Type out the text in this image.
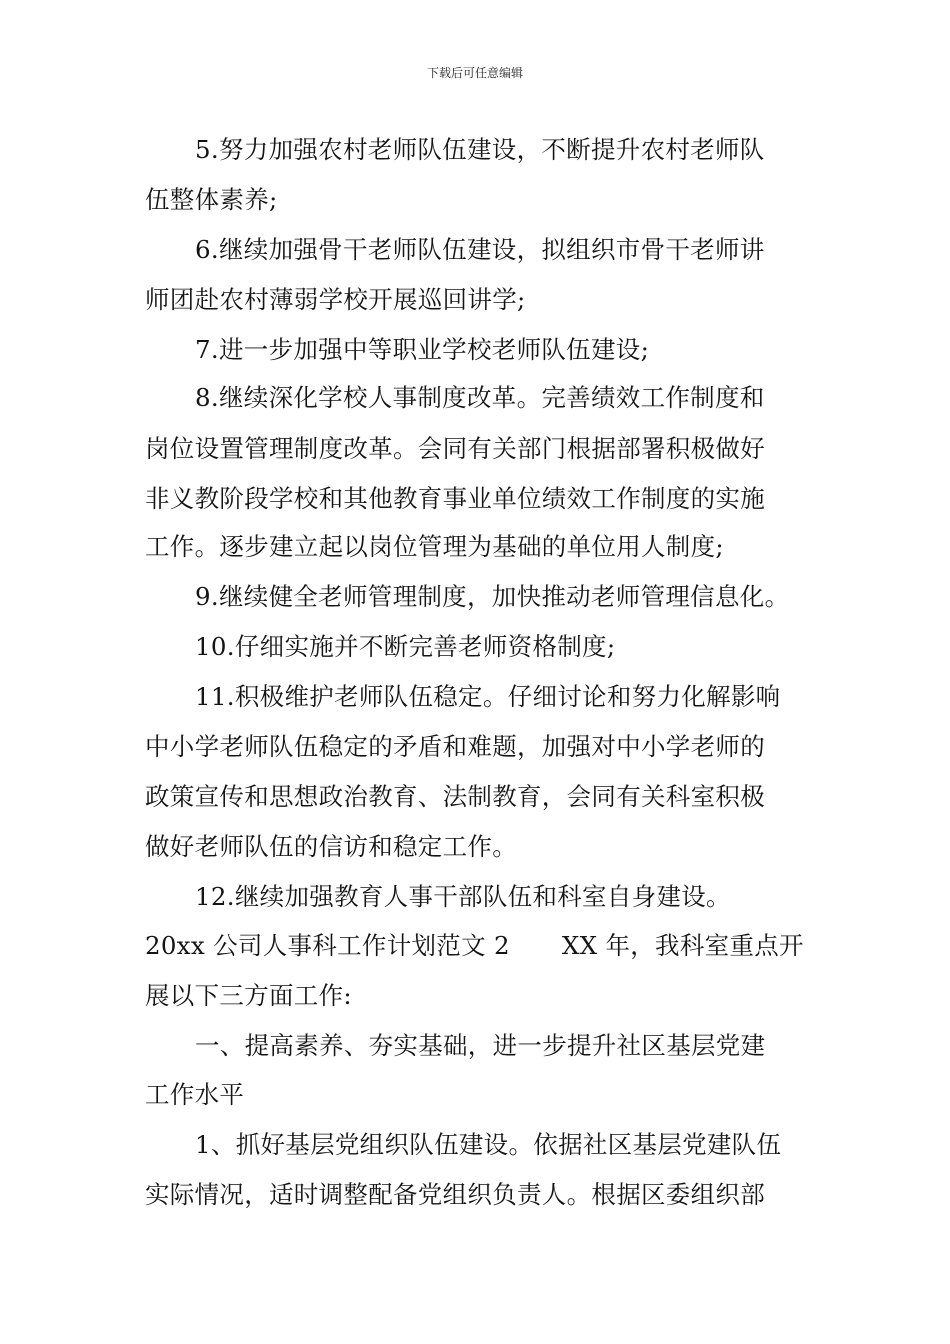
下载后可任意编辑
5.努力加强农村老师队伍建设，不断提升农村老师队
伍整体素养;
6.继续加强骨干老师队伍建设，拟组织市骨干老师讲
师团赴农村薄弱学校开展巡回讲学;
7.进一步加强中等职业学校老师队伍建设;
8.继续深化学校人事制度改革。完善绩效工作制度和
岗位设置管理制度改革。会同有关部门根据部署积极做好
非义教阶段学校和其他教育事业单位绩效工作制度的实施
工作。逐步建立起以岗位管理为基础的单位用人制度;
9.继续健全老师管理制度，加快推动老师管理信息化。
10.仔细实施并不断完善老师资格制度;
11.积极维护老师队伍稳定。仔细讨论和努力化解影响
中小学老师队伍稳定的矛盾和难题，加强对中小学老师的
政策宣传和思想政治教育、法制教育，会同有关科室积极
做好老师队伍的信访和稳定工作。
12.继续加强教育人事干部队伍和科室自身建设。
20xx 公司人事科工作计划范文 2 XX 年，我科室重点开
展以下三方面工作:
一、提高素养、夯实基础，进一步提升社区基层党建
工作水平
1、抓好基层党组织队伍建设。依据社区基层党建队伍
实际情况，适时调整配备党组织负责人。根据区委组织部
